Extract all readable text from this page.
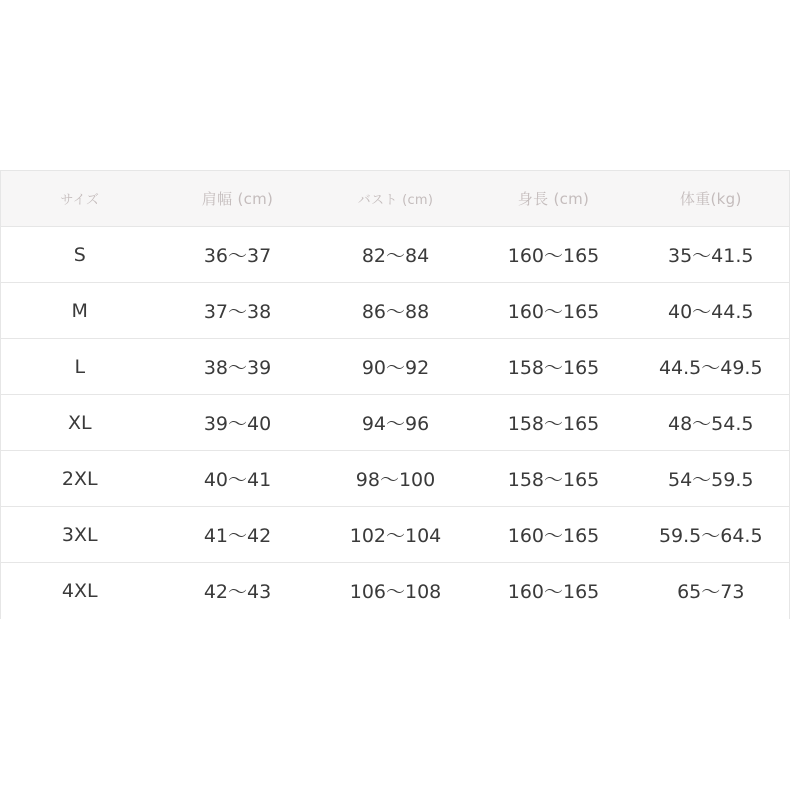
サイズ	肩幅 (cm)	バスト (cm)	身長 (cm)	体重(kg)
S	36～37	82～84	160～165	35～41.5
M	37～38	86～88	160～165	40～44.5
L	38～39	90～92	158～165	44.5～49.5
XL	39～40	94～96	158～165	48～54.5
2XL	40～41	98～100	158～165	54～59.5
3XL	41～42	102～104	160～165	59.5～64.5
4XL	42～43	106～108	160～165	65～73
